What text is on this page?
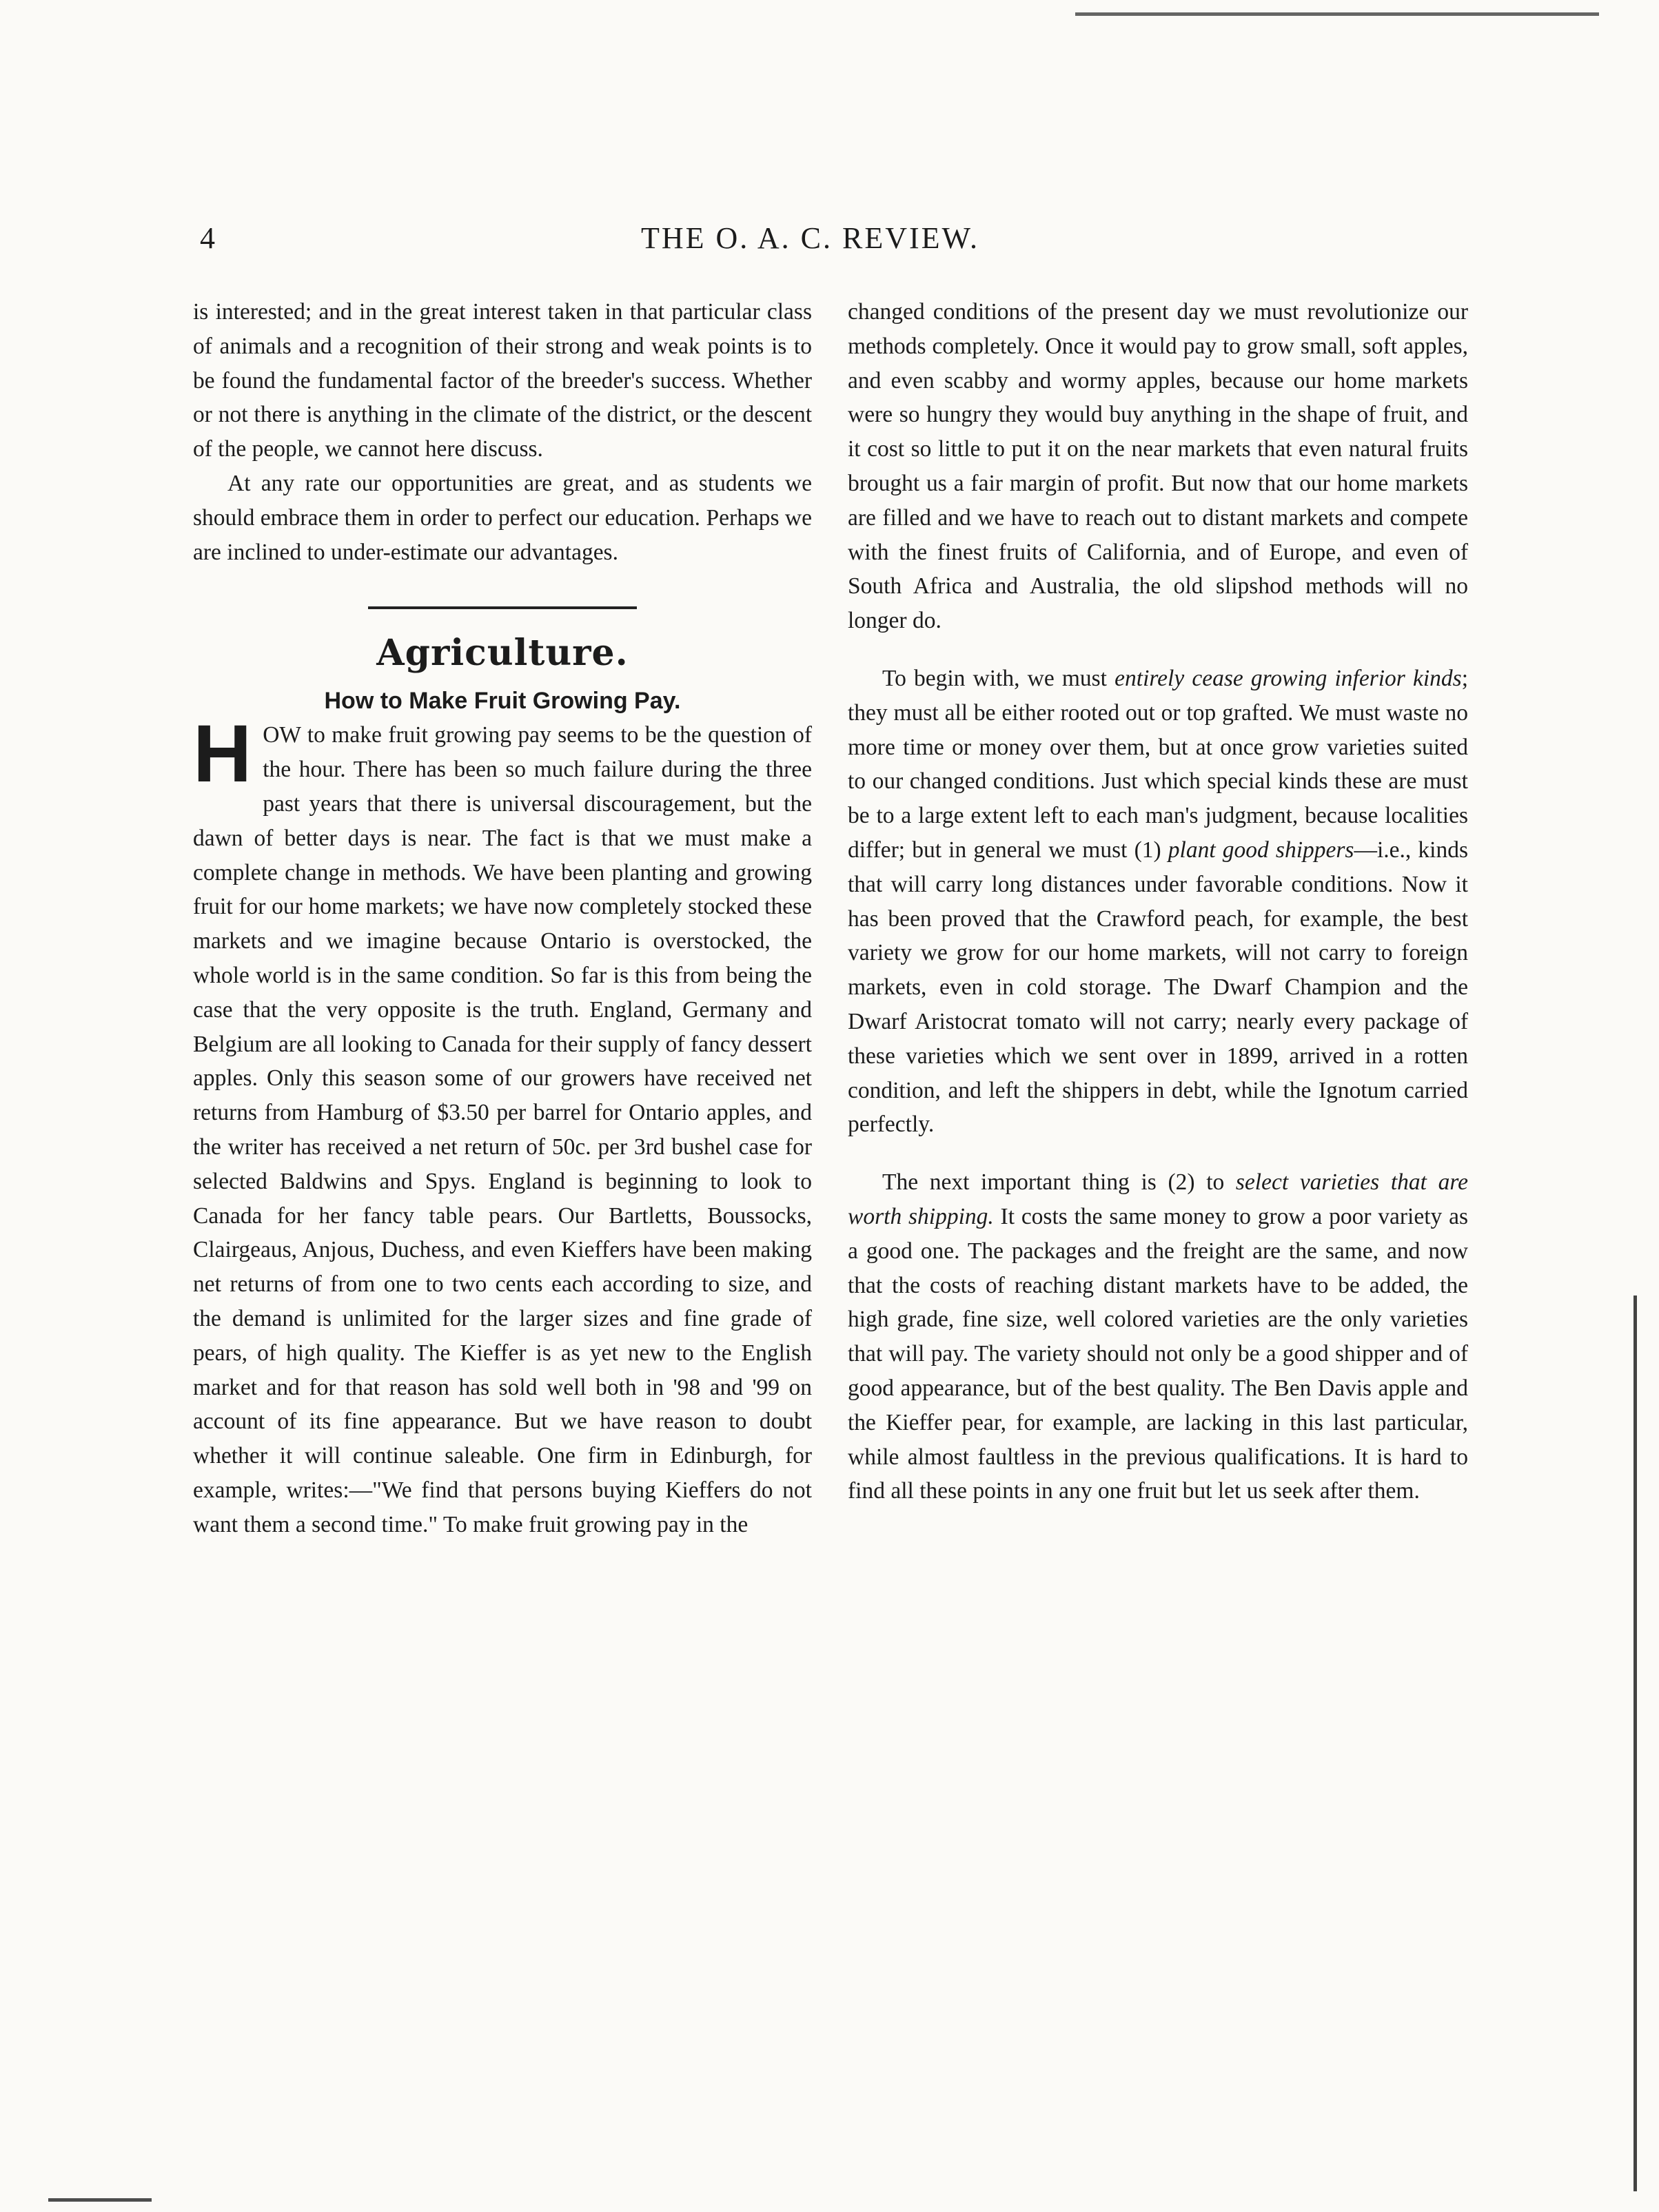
4	THE O. A. C. REVIEW.

is interested; and in the great interest taken in that particular class of animals and a recognition of their strong and weak points is to be found the fundamental factor of the breeder's success. Whether or not there is anything in the climate of the district, or the descent of the people, we cannot here discuss.

At any rate our opportunities are great, and as students we should embrace them in order to perfect our education. Perhaps we are inclined to under-estimate our advantages.

Agriculture.
How to Make Fruit Growing Pay.

HOW to make fruit growing pay seems to be the question of the hour. There has been so much failure during the three past years that there is universal discouragement, but the dawn of better days is near. The fact is that we must make a complete change in methods. We have been planting and growing fruit for our home markets; we have now completely stocked these markets and we imagine because Ontario is overstocked, the whole world is in the same condition. So far is this from being the case that the very opposite is the truth. England, Germany and Belgium are all looking to Canada for their supply of fancy dessert apples. Only this season some of our growers have received net returns from Hamburg of $3.50 per barrel for Ontario apples, and the writer has received a net return of 50c. per 3rd bushel case for selected Baldwins and Spys. England is beginning to look to Canada for her fancy table pears. Our Bartletts, Boussocks, Clairgeaus, Anjous, Duchess, and even Kieffers have been making net returns of from one to two cents each according to size, and the demand is unlimited for the larger sizes and fine grade of pears, of high quality. The Kieffer is as yet new to the English market and for that reason has sold well both in '98 and '99 on account of its fine appearance. But we have reason to doubt whether it will continue saleable. One firm in Edinburgh, for example, writes:—"We find that persons buying Kieffers do not want them a second time." To make fruit growing pay in the

changed conditions of the present day we must revolutionize our methods completely. Once it would pay to grow small, soft apples, and even scabby and wormy apples, because our home markets were so hungry they would buy anything in the shape of fruit, and it cost so little to put it on the near markets that even natural fruits brought us a fair margin of profit. But now that our home markets are filled and we have to reach out to distant markets and compete with the finest fruits of California, and of Europe, and even of South Africa and Australia, the old slipshod methods will no longer do.

To begin with, we must entirely cease growing inferior kinds; they must all be either rooted out or top grafted. We must waste no more time or money over them, but at once grow varieties suited to our changed conditions. Just which special kinds these are must be to a large extent left to each man's judgment, because localities differ; but in general we must (1) plant good shippers—i.e., kinds that will carry long distances under favorable conditions. Now it has been proved that the Crawford peach, for example, the best variety we grow for our home markets, will not carry to foreign markets, even in cold storage. The Dwarf Champion and the Dwarf Aristocrat tomato will not carry; nearly every package of these varieties which we sent over in 1899, arrived in a rotten condition, and left the shippers in debt, while the Ignotum carried perfectly.

The next important thing is (2) to select varieties that are worth shipping. It costs the same money to grow a poor variety as a good one. The packages and the freight are the same, and now that the costs of reaching distant markets have to be added, the high grade, fine size, well colored varieties are the only varieties that will pay. The variety should not only be a good shipper and of good appearance, but of the best quality. The Ben Davis apple and the Kieffer pear, for example, are lacking in this last particular, while almost faultless in the previous qualifications. It is hard to find all these points in any one fruit but let us seek after them.
